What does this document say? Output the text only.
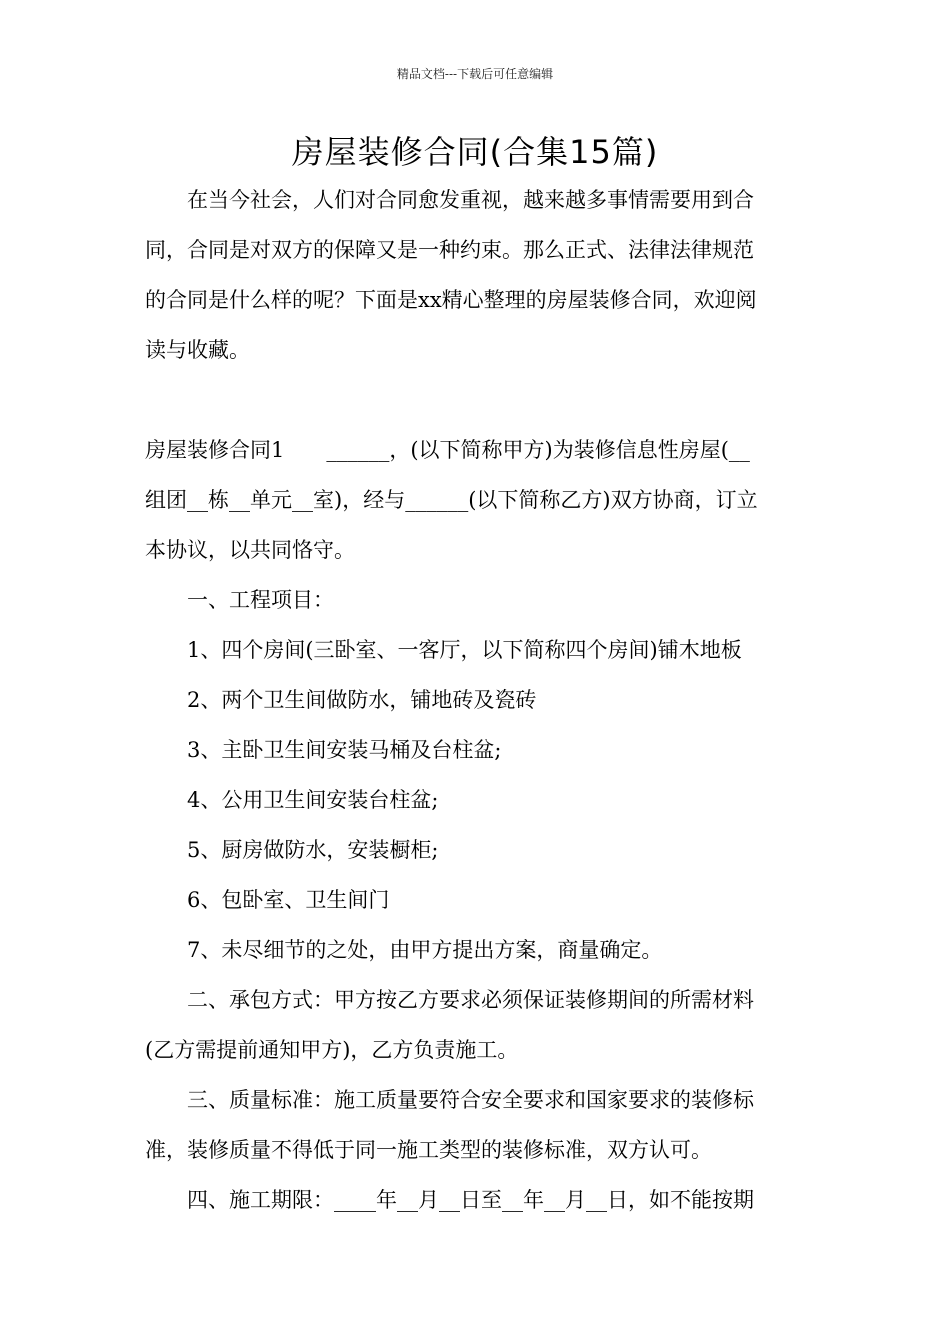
精品文档---下载后可任意编辑
房屋装修合同(合集15篇)
在当今社会，人们对合同愈发重视，越来越多事情需要用到合
同，合同是对双方的保障又是一种约束。那么正式、法律法律规范
的合同是什么样的呢？下面是xx精心整理的房屋装修合同，欢迎阅
读与收藏。
房屋装修合同1　　______，(以下简称甲方)为装修信息性房屋(__
组团__栋__单元__室)，经与______(以下简称乙方)双方协商，订立
本协议，以共同恪守。
一、工程项目：
1、四个房间(三卧室、一客厅，以下简称四个房间)铺木地板
2、两个卫生间做防水，铺地砖及瓷砖
3、主卧卫生间安装马桶及台柱盆;
4、公用卫生间安装台柱盆;
5、厨房做防水，安装橱柜;
6、包卧室、卫生间门
7、未尽细节的之处，由甲方提出方案，商量确定。
二、承包方式：甲方按乙方要求必须保证装修期间的所需材料
(乙方需提前通知甲方)，乙方负责施工。
三、质量标准：施工质量要符合安全要求和国家要求的装修标
准，装修质量不得低于同一施工类型的装修标准，双方认可。
四、施工期限：____年__月__日至__年__月__日，如不能按期
